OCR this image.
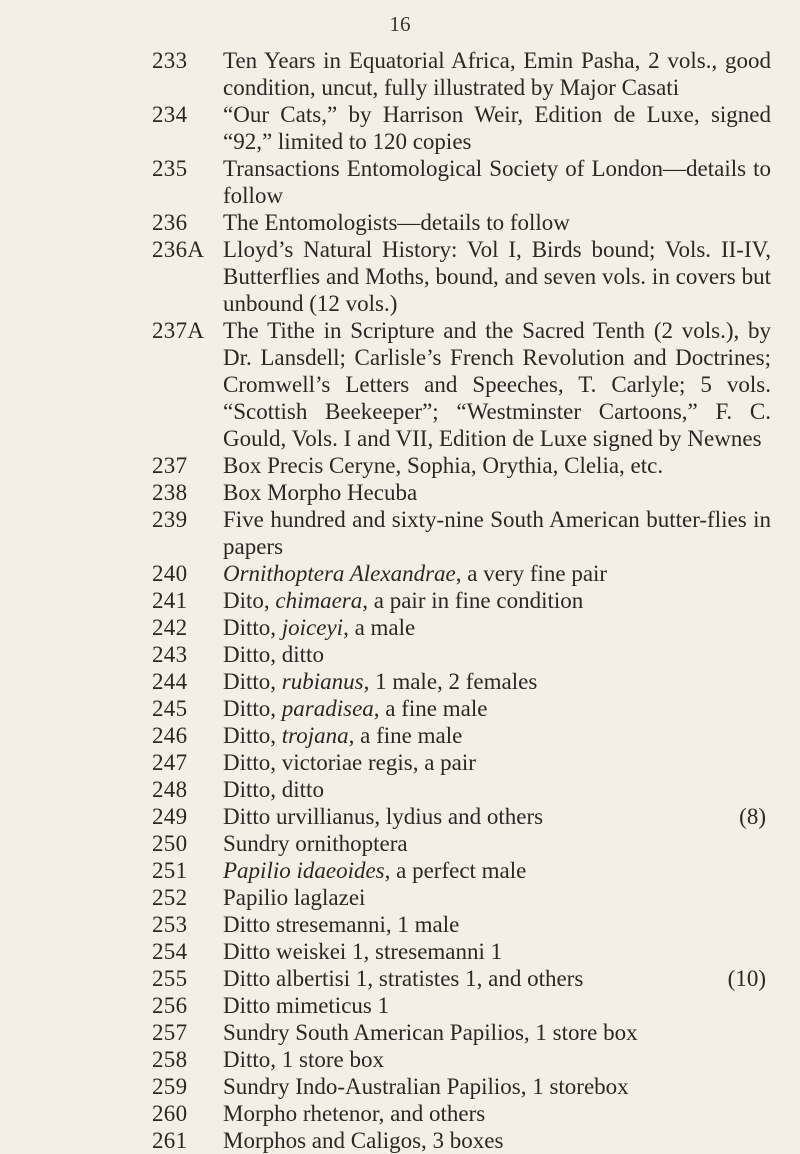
16
233 Ten Years in Equatorial Africa, Emin Pasha, 2 vols., good condition, uncut, fully illustrated by Major Casati
234 “Our Cats,” by Harrison Weir, Edition de Luxe, signed “92,” limited to 120 copies
235 Transactions Entomological Society of London—details to follow
236 The Entomologists—details to follow
236A Lloyd’s Natural History: Vol I, Birds bound; Vols. II-IV, Butterflies and Moths, bound, and seven vols. in covers but unbound (12 vols.)
237A The Tithe in Scripture and the Sacred Tenth (2 vols.), by Dr. Lansdell; Carlisle’s French Revolution and Doctrines; Cromwell’s Letters and Speeches, T. Carlyle; 5 vols. “Scottish Beekeeper”; “Westminster Cartoons,” F. C. Gould, Vols. I and VII, Edition de Luxe signed by Newnes
237 Box Precis Ceryne, Sophia, Orythia, Clelia, etc.
238 Box Morpho Hecuba
239 Five hundred and sixty-nine South American butter-flies in papers
240 Ornithoptera Alexandrae, a very fine pair
241 Dito, chimaera, a pair in fine condition
242 Ditto, joiceyi, a male
243 Ditto, ditto
244 Ditto, rubianus, 1 male, 2 females
245 Ditto, paradisea, a fine male
246 Ditto, trojana, a fine male
247 Ditto, victoriae regis, a pair
248 Ditto, ditto
249 Ditto urvillianus, lydius and others	(8)
250 Sundry ornithoptera
251 Papilio idaeoides, a perfect male
252 Papilio laglazei
253 Ditto stresemanni, 1 male
254 Ditto weiskei 1, stresemanni 1
255 Ditto albertisi 1, stratistes 1, and others	(10)
256 Ditto mimeticus 1
257 Sundry South American Papilios, 1 store box
258 Ditto, 1 store box
259 Sundry Indo-Australian Papilios, 1 storebox
260 Morpho rhetenor, and others
261 Morphos and Caligos, 3 boxes
